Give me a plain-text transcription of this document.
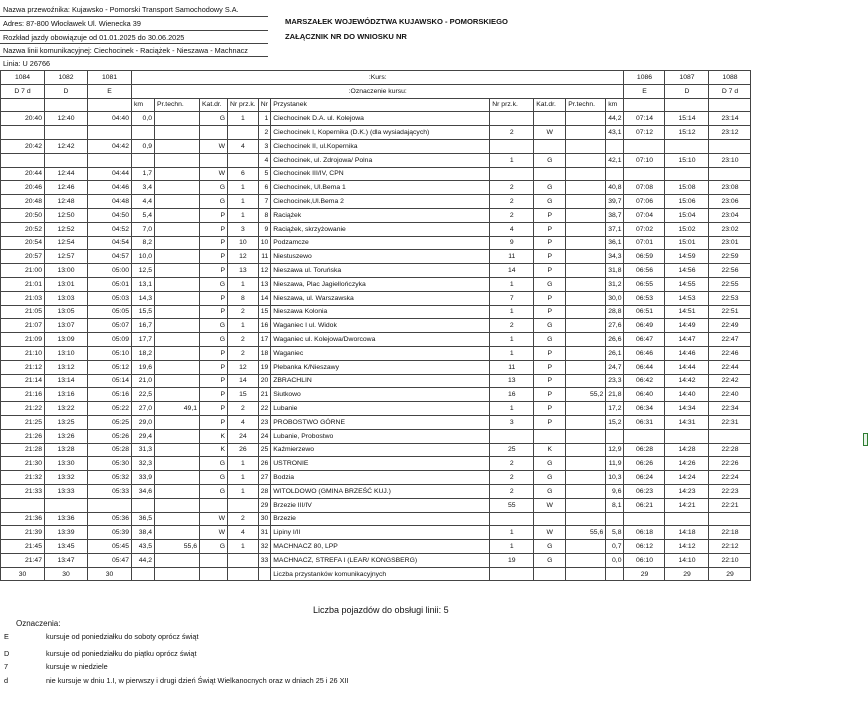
Nazwa przewoźnika: Kujawsko - Pomorski Transport Samochodowy S.A.
Adres: 87-800 Włocławek Ul. Wienecka 39
Rozkład jazdy obowiązuje od 01.01.2025 do 30.06.2025
Nazwa linii komunikacyjnej: Ciechocinek - Raciążek - Nieszawa - Machnacz
Linia: U 26766
MARSZAŁEK WOJEWÓDZTWA KUJAWSKO - POMORSKIEGO
ZAŁĄCZNIK NR DO WNIOSKU NR
1084	1082	1081	:Kurs:										1086	1087	1088
D 7 d	D	E	:Oznaczenie kursu:										E	D	D 7 d
			km	Pr.techn.	Kat.dr.	Nr prz.k.	Nr	Przystanek	Nr prz.k.	Kat.dr.	Pr.techn.	km			
20:40	12:40	04:40	0,0		G	1	1	Ciechocinek D.A. ul. Kolejowa				44,2	07:14	15:14	23:14
							2	Ciechocinek I, Kopernika (D.K.) (dla wysiadających)	2	W		43,1	07:12	15:12	23:12
20:42	12:42	04:42	0,9		W	4	3	Ciechocinek II, ul.Kopernika							
							4	Ciechocinek, ul. Zdrojowa/ Polna	1	G		42,1	07:10	15:10	23:10
20:44	12:44	04:44	1,7		W	6	5	Ciechocinek III/IV, CPN							
20:46	12:46	04:46	3,4		G	1	6	Ciechocinek, Ul.Bema 1	2	G		40,8	07:08	15:08	23:08
20:48	12:48	04:48	4,4		G	1	7	Ciechocinek,Ul.Bema 2	2	G		39,7	07:06	15:06	23:06
20:50	12:50	04:50	5,4		P	1	8	Raciążek	2	P		38,7	07:04	15:04	23:04
20:52	12:52	04:52	7,0		P	3	9	Raciążek, skrzyżowanie	4	P		37,1	07:02	15:02	23:02
20:54	12:54	04:54	8,2		P	10	10	Podzamcze	9	P		36,1	07:01	15:01	23:01
20:57	12:57	04:57	10,0		P	12	11	Niestuszewo	11	P		34,3	06:59	14:59	22:59
21:00	13:00	05:00	12,5		P	13	12	Nieszawa ul. Toruńska	14	P		31,8	06:56	14:56	22:56
21:01	13:01	05:01	13,1		G	1	13	Nieszawa, Plac Jagiellończyka	1	G		31,2	06:55	14:55	22:55
21:03	13:03	05:03	14,3		P	8	14	Nieszawa, ul. Warszawska	7	P		30,0	06:53	14:53	22:53
21:05	13:05	05:05	15,5		P	2	15	Nieszawa Kolonia	1	P		28,8	06:51	14:51	22:51
21:07	13:07	05:07	16,7		G	1	16	Waganiec I ul. Widok	2	G		27,6	06:49	14:49	22:49
21:09	13:09	05:09	17,7		G	2	17	Waganiec ul. Kolejowa/Dworcowa	1	G		26,6	06:47	14:47	22:47
21:10	13:10	05:10	18,2		P	2	18	Waganiec	1	P		26,1	06:46	14:46	22:46
21:12	13:12	05:12	19,6		P	12	19	Plebanka K/Nieszawy	11	P		24,7	06:44	14:44	22:44
21:14	13:14	05:14	21,0		P	14	20	ZBRACHLIN	13	P		23,3	06:42	14:42	22:42
21:16	13:16	05:16	22,5		P	15	21	Siutkowo	16	P	55,2	21,8	06:40	14:40	22:40
21:22	13:22	05:22	27,0	49,1	P	2	22	Lubanie	1	P		17,2	06:34	14:34	22:34
21:25	13:25	05:25	29,0		P	4	23	PROBOSTWO GÓRNE	3	P		15,2	06:31	14:31	22:31
21:26	13:26	05:26	29,4		K	24	24	Lubanie, Probostwo							
21:28	13:28	05:28	31,3		K	26	25	Kaźmierzewo	25	K		12,9	06:28	14:28	22:28
21:30	13:30	05:30	32,3		G	1	26	USTRONIE	2	G		11,9	06:26	14:26	22:26
21:32	13:32	05:32	33,9		G	1	27	Bodzia	2	G		10,3	06:24	14:24	22:24
21:33	13:33	05:33	34,6		G	1	28	WITOLDOWO (GMINA BRZEŚĆ KUJ.)	2	G		9,6	06:23	14:23	22:23
							29	Brzezie III/IV	55	W		8,1	06:21	14:21	22:21
21:36	13:36	05:36	36,5		W	2	30	Brzezie							
21:39	13:39	05:39	38,4		W	4	31	Lipiny I/II	1	W	55,6	5,8	06:18	14:18	22:18
21:45	13:45	05:45	43,5	55,6	G	1	32	MACHNACZ 80, LPP	1	G		0,7	06:12	14:12	22:12
21:47	13:47	05:47	44,2				33	MACHNACZ, STREFA I (LEAR/ KONGSBERG)	19	G		0,0	06:10	14:10	22:10
30	30	30						Liczba przystanków komunikacyjnych					29	29	29
Liczba pojazdów do obsługi linii: 5
Oznaczenia:
E	kursuje od poniedziałku do soboty oprócz świąt
D	kursuje od poniedziałku do piątku oprócz świąt
7	kursuje w niedziele
d	nie kursuje w dniu 1.I, w pierwszy i drugi dzień Świąt Wielkanocnych oraz w dniach 25 i 26 XII
